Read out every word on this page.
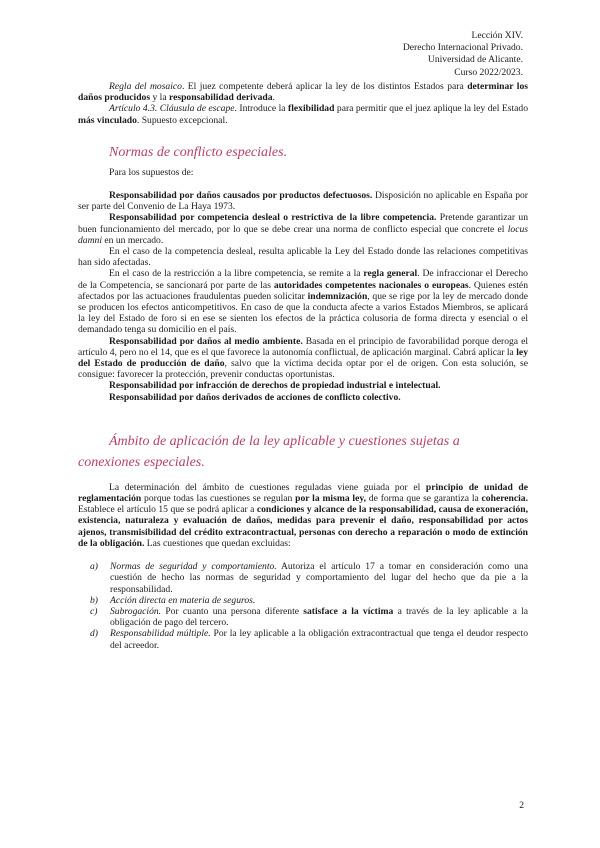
Lección XIV.
Derecho Internacional Privado.
Universidad de Alicante.
Curso 2022/2023.

Regla del mosaico. El juez competente deberá aplicar la ley de los distintos Estados para determinar los daños producidos y la responsabilidad derivada.

Artículo 4.3. Cláusula de escape. Introduce la flexibilidad para permitir que el juez aplique la ley del Estado más vinculado. Supuesto excepcional.

Normas de conflicto especiales.

Para los supuestos de:

Responsabilidad por daños causados por productos defectuosos. Disposición no aplicable en España por ser parte del Convenio de La Haya 1973.

Responsabilidad por competencia desleal o restrictiva de la libre competencia. Pretende garantizar un buen funcionamiento del mercado, por lo que se debe crear una norma de conflicto especial que concrete el locus damni en un mercado.

En el caso de la competencia desleal, resulta aplicable la Ley del Estado donde las relaciones competitivas han sido afectadas.

En el caso de la restricción a la libre competencia, se remite a la regla general. De infraccionar el Derecho de la Competencia, se sancionará por parte de las autoridades competentes nacionales o europeas. Quienes estén afectados por las actuaciones fraudulentas pueden solicitar indemnización, que se rige por la ley de mercado donde se producen los efectos anticompetitivos. En caso de que la conducta afecte a varios Estados Miembros, se aplicará la ley del Estado de foro si en ese se sienten los efectos de la práctica colusoria de forma directa y esencial o el demandado tenga su domicilio en el país.

Responsabilidad por daños al medio ambiente. Basada en el principio de favorabilidad porque deroga el artículo 4, pero no el 14, que es el que favorece la autonomía conflictual, de aplicación marginal. Cabrá aplicar la ley del Estado de producción de daño, salvo que la víctima decida optar por el de origen. Con esta solución, se consigue: favorecer la protección, prevenir conductas oportunistas.

Responsabilidad por infracción de derechos de propiedad industrial e intelectual.

Responsabilidad por daños derivados de acciones de conflicto colectivo.

Ámbito de aplicación de la ley aplicable y cuestiones sujetas a
conexiones especiales.

La determinación del ámbito de cuestiones reguladas viene guiada por el principio de unidad de reglamentación porque todas las cuestiones se regulan por la misma ley, de forma que se garantiza la coherencia. Establece el artículo 15 que se podrá aplicar a condiciones y alcance de la responsabilidad, causa de exoneración, existencia, naturaleza y evaluación de daños, medidas para prevenir el daño, responsabilidad por actos ajenos, transmisibilidad del crédito extracontractual, personas con derecho a reparación o modo de extinción de la obligación. Las cuestiones que quedan excluidas:

a) Normas de seguridad y comportamiento. Autoriza el artículo 17 a tomar en consideración como una cuestión de hecho las normas de seguridad y comportamiento del lugar del hecho que da pie a la responsabilidad.
b) Acción directa en materia de seguros.
c) Subrogación. Por cuanto una persona diferente satisface a la víctima a través de la ley aplicable a la obligación de pago del tercero.
d) Responsabilidad múltiple. Por la ley aplicable a la obligación extracontractual que tenga el deudor respecto del acreedor.
2
